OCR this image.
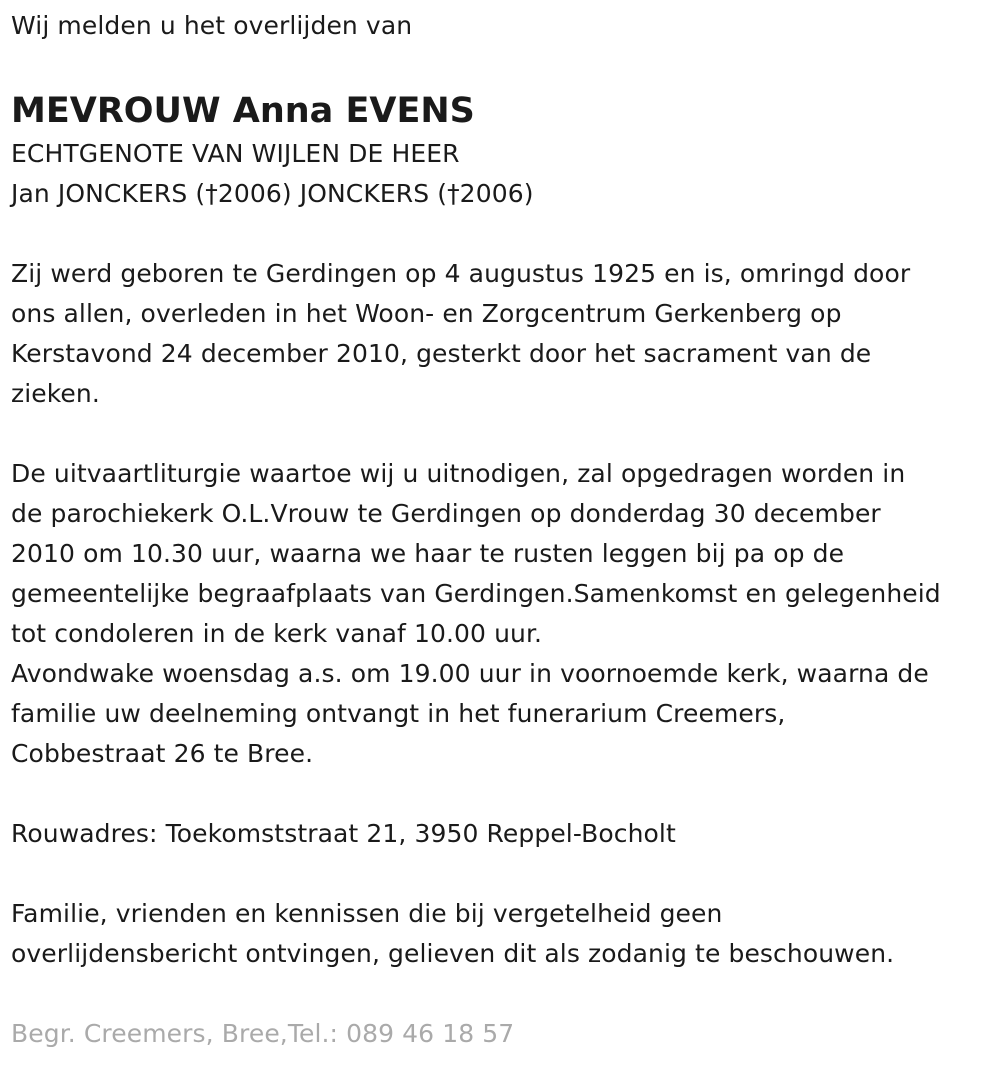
Wij melden u het overlijden van
MEVROUW Anna EVENS
ECHTGENOTE VAN WIJLEN DE HEER
Jan JONCKERS (†2006) JONCKERS (†2006)
Zij werd geboren te Gerdingen op 4 augustus 1925 en is, omringd door
ons allen, overleden in het Woon- en Zorgcentrum Gerkenberg op
Kerstavond 24 december 2010, gesterkt door het sacrament van de
zieken.
De uitvaartliturgie waartoe wij u uitnodigen, zal opgedragen worden in
de parochiekerk O.L.Vrouw te Gerdingen op donderdag 30 december
2010 om 10.30 uur, waarna we haar te rusten leggen bij pa op de
gemeentelijke begraafplaats van Gerdingen.Samenkomst en gelegenheid
tot condoleren in de kerk vanaf 10.00 uur.
Avondwake woensdag a.s. om 19.00 uur in voornoemde kerk, waarna de
familie uw deelneming ontvangt in het funerarium Creemers,
Cobbestraat 26 te Bree.
Rouwadres: Toekomststraat 21, 3950 Reppel-Bocholt
Familie, vrienden en kennissen die bij vergetelheid geen
overlijdensbericht ontvingen, gelieven dit als zodanig te beschouwen.
Begr. Creemers, Bree,Tel.: 089 46 18 57
